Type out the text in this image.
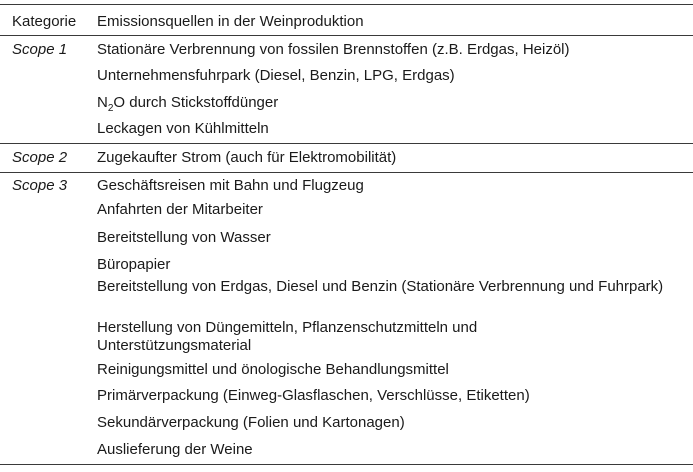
Kategorie Emissionsquellen in der Weinproduktion
Scope 1 Stationäre Verbrennung von fossilen Brennstoffen (z.B. Erdgas, Heizöl)
Unternehmensfuhrpark (Diesel, Benzin, LPG, Erdgas)
$N_2O$ durch Stickstoffdünger
Leckagen von Kühlmitteln
Scope 2 Zugekaufter Strom (auch für Elektromobilität)
Scope 3 Geschäftsreisen mit Bahn und Flugzeug
Anfahrten der Mitarbeiter
Bereitstellung von Wasser
Büropapier
Bereitstellung von Erdgas, Diesel und Benzin (Stationäre Verbrennung und Fuhrpark)
Herstellung von Düngemitteln, Pflanzenschutzmitteln und Unterstützungsmaterial
Reinigungsmittel und önologische Behandlungsmittel
Primärverpackung (Einweg-Glasflaschen, Verschlüsse, Etiketten)
Sekundärverpackung (Folien und Kartonagen)
Auslieferung der Weine
